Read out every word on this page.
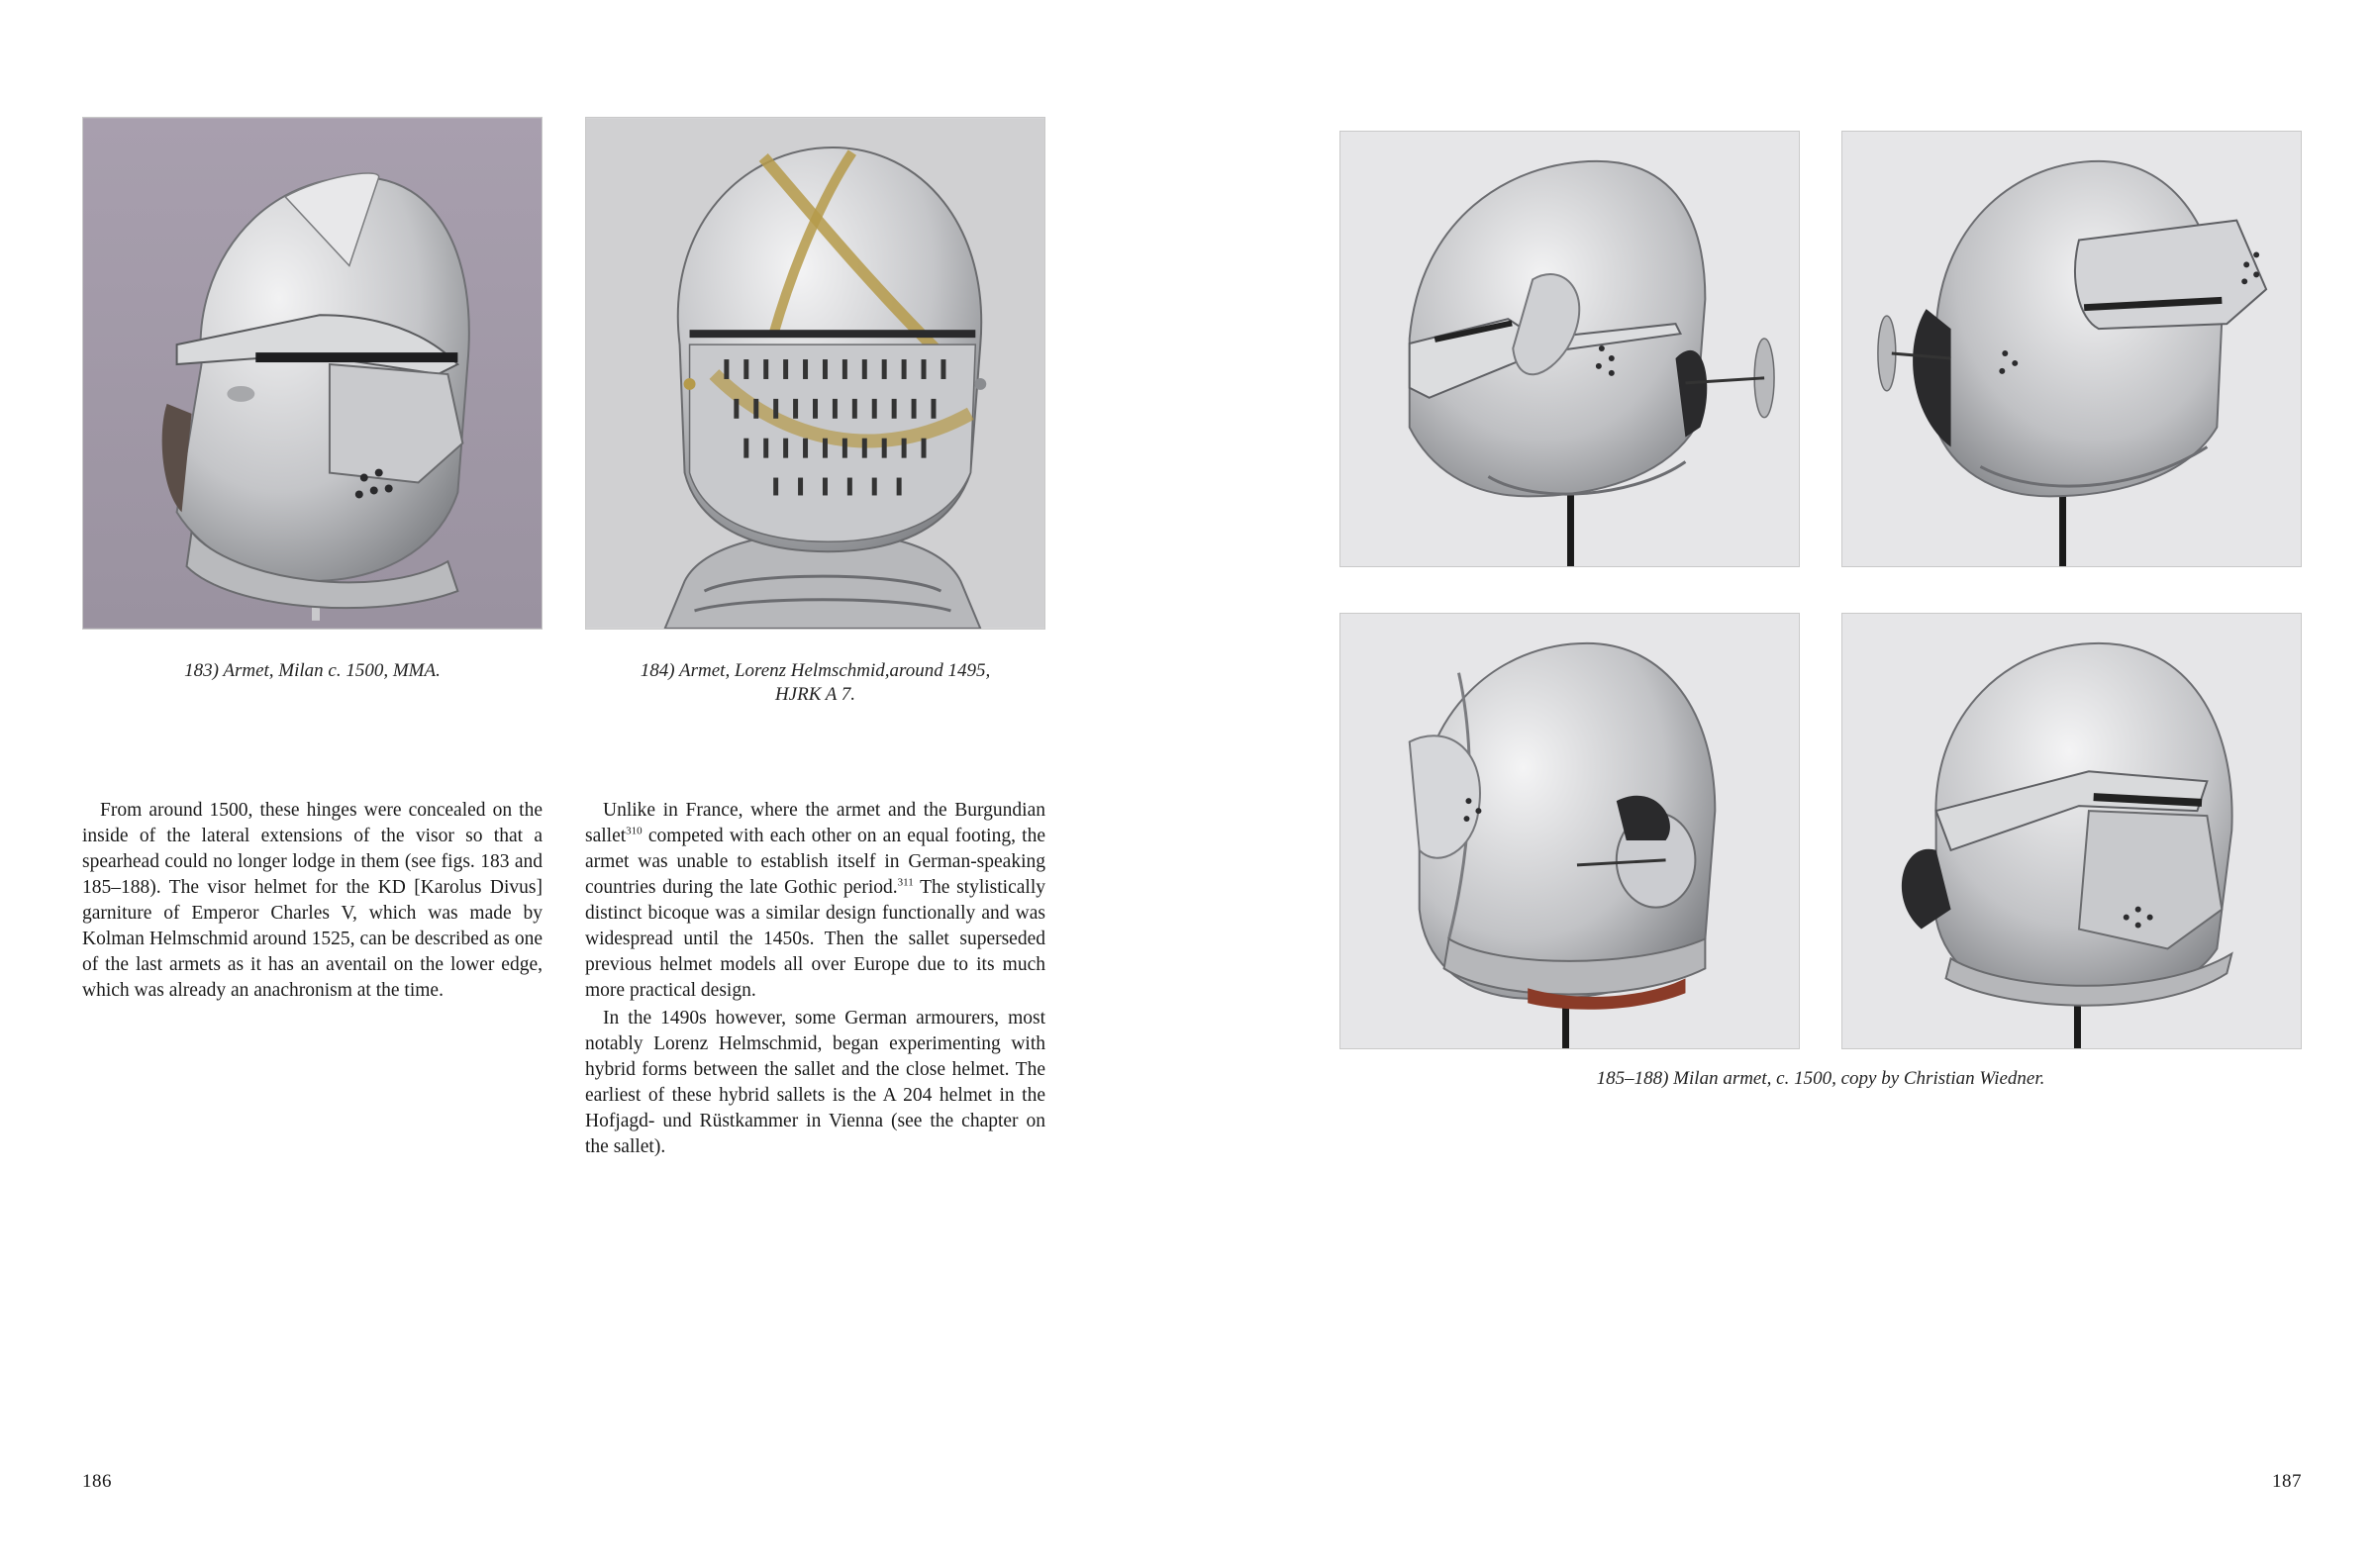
183) Armet, Milan c. 1500, MMA.	184) Armet, Lorenz Helmschmid,around 1495,
HJRK A 7.

From around 1500, these hinges were concealed on the inside of the lateral extensions of the visor so that a spearhead could no longer lodge in them (see figs. 183 and 185–188). The visor helmet for the KD [Karolus Divus] garniture of Emperor Charles V, which was made by Kolman Helmschmid around 1525, can be described as one of the last armets as it has an aventail on the lower edge, which was already an anachronism at the time.

Unlike in France, where the armet and the Burgundian sallet$^{310}$ competed with each other on an equal footing, the armet was unable to establish itself in German-speaking countries during the late Gothic period.$^{311}$ The stylistically distinct bicoque was a similar design functionally and was widespread until the 1450s. Then the sallet superseded previous helmet models all over Europe due to its much more practical design.

In the 1490s however, some German armourers, most notably Lorenz Helmschmid, began experimenting with hybrid forms between the sallet and the close helmet. The earliest of these hybrid sallets is the A 204 helmet in the Hofjagd- und Rüstkammer in Vienna (see the chapter on the sallet).

186
185–188) Milan armet, c. 1500, copy by Christian Wiedner.
187
